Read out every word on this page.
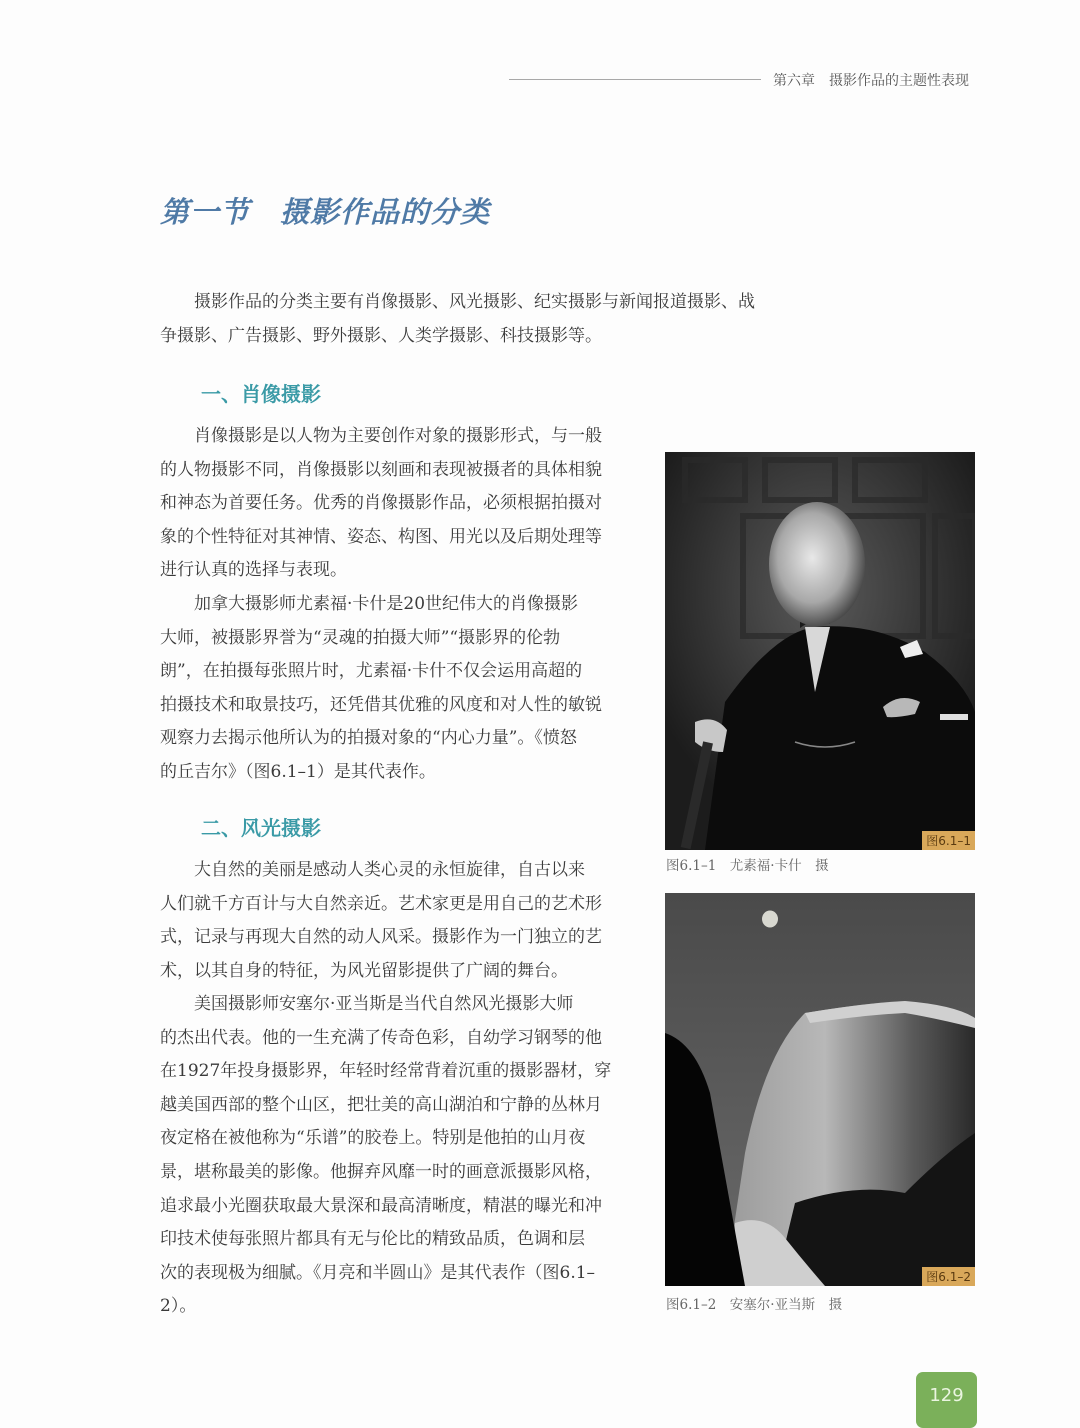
第六章　摄影作品的主题性表现
第一节　摄影作品的分类
　　摄影作品的分类主要有肖像摄影、风光摄影、纪实摄影与新闻报道摄影、战
争摄影、广告摄影、野外摄影、人类学摄影、科技摄影等。
一、肖像摄影
　　肖像摄影是以人物为主要创作对象的摄影形式，与一般
的人物摄影不同，肖像摄影以刻画和表现被摄者的具体相貌
和神态为首要任务。优秀的肖像摄影作品，必须根据拍摄对
象的个性特征对其神情、姿态、构图、用光以及后期处理等
进行认真的选择与表现。
　　加拿大摄影师尤素福·卡什是20世纪伟大的肖像摄影
大师，被摄影界誉为“灵魂的拍摄大师”“摄影界的伦勃
朗”，在拍摄每张照片时，尤素福·卡什不仅会运用高超的
拍摄技术和取景技巧，还凭借其优雅的风度和对人性的敏锐
观察力去揭示他所认为的拍摄对象的“内心力量”。《愤怒
的丘吉尔》（图6.1–1）是其代表作。
二、风光摄影
　　大自然的美丽是感动人类心灵的永恒旋律，自古以来
人们就千方百计与大自然亲近。艺术家更是用自己的艺术形
式，记录与再现大自然的动人风采。摄影作为一门独立的艺
术，以其自身的特征，为风光留影提供了广阔的舞台。
　　美国摄影师安塞尔·亚当斯是当代自然风光摄影大师
的杰出代表。他的一生充满了传奇色彩，自幼学习钢琴的他
在1927年投身摄影界，年轻时经常背着沉重的摄影器材，穿
越美国西部的整个山区，把壮美的高山湖泊和宁静的丛林月
夜定格在被他称为“乐谱”的胶卷上。特别是他拍的山月夜
景，堪称最美的影像。他摒弃风靡一时的画意派摄影风格，
追求最小光圈获取最大景深和最高清晰度，精湛的曝光和冲
印技术使每张照片都具有无与伦比的精致品质，色调和层
次的表现极为细腻。《月亮和半圆山》是其代表作（图6.1–
2）。
图6.1–1
图6.1–1　尤素福·卡什　摄
图6.1–2
图6.1–2　安塞尔·亚当斯　摄
129
